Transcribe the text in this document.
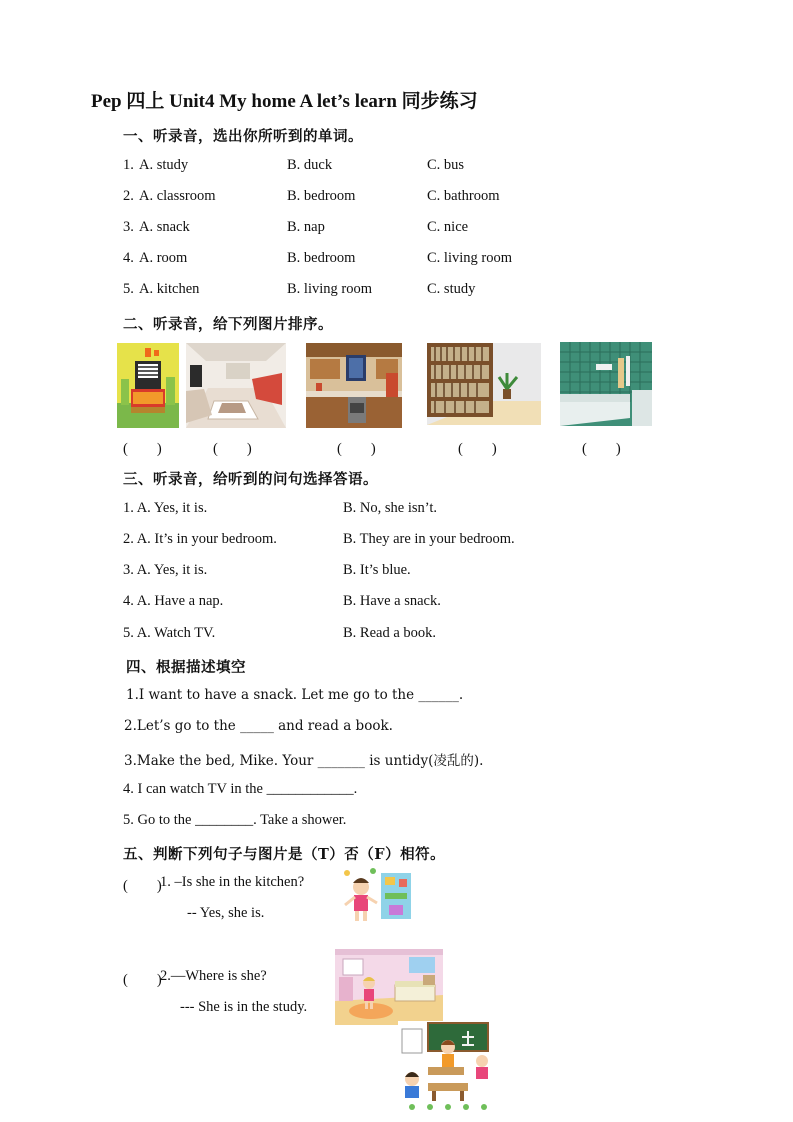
Pep 四上 Unit4 My home A let’s learn 同步练习
一、听录音，选出你所听到的单词。
1. A. study	B. duck	C. bus
2. A. classroom	B. bedroom	C. bathroom
3. A. snack	B. nap	C. nice
4. A. room	B. bedroom	C. living room
5. A. kitchen	B. living room	C. study
二、听录音，给下列图片排序。
(　　)	(　　)	(　　)	(　　)	(　　)
三、听录音，给听到的问句选择答语。
1. A. Yes, it is.	B. No, she isn’t.
2. A. It’s in your bedroom.	B. They are in your bedroom.
3. A. Yes, it is.	B. It’s blue.
4. A. Have a nap.	B. Have a snack.
5. A. Watch TV.	B. Read a book.
四、根据描述填空
1.I want to have a snack. Let me go to the ______.
2.Let’s go to the _____ and read a book.
3.Make the bed, Mike. Your _______ is untidy(凌乱的).
4. I can watch TV in the ____________.
5. Go to the ________. Take a shower.
五、判断下列句子与图片是（T）否（F）相符。
(　　)
1. –Is she in the kitchen?
-- Yes, she is.
(　　)
2.—Where is she?
--- She is in the study.
